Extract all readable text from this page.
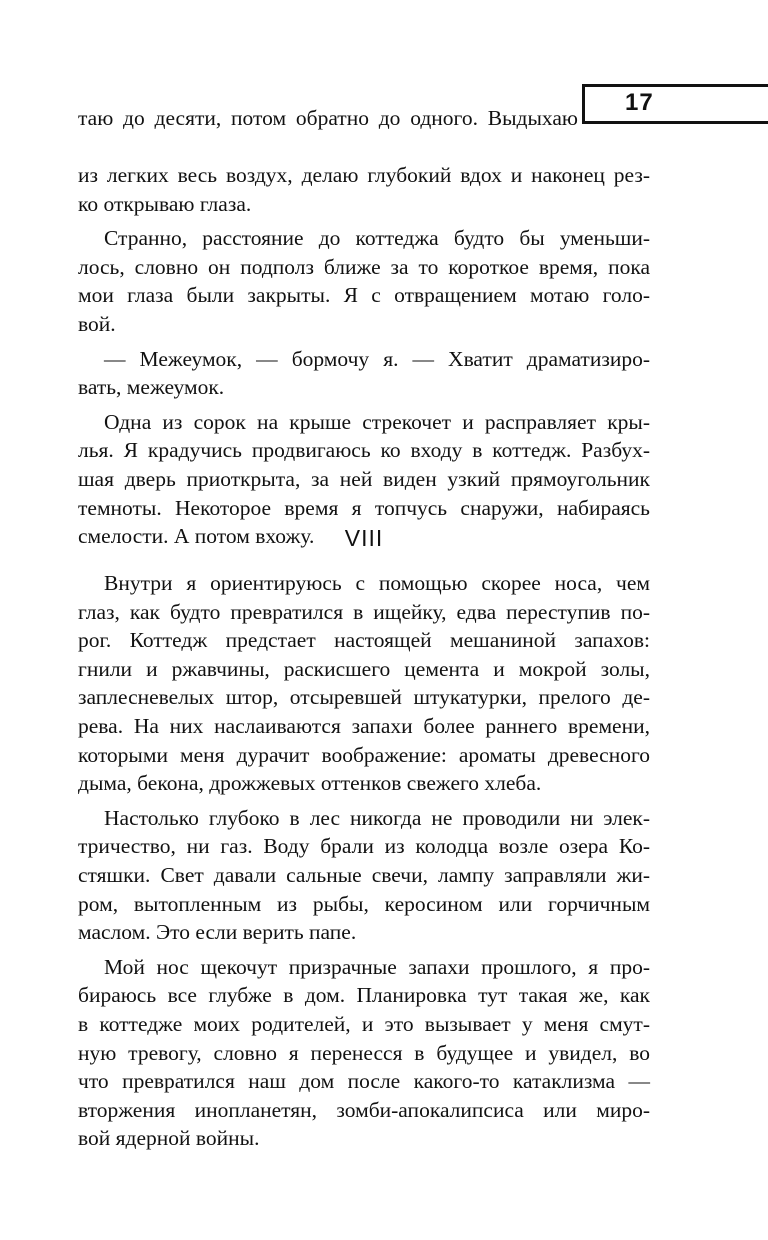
17
таю до десяти, потом обратно до одного. Выдыхаю
из легких весь воздух, делаю глубокий вдох и наконец рез-
ко открываю глаза.
Странно, расстояние до коттеджа будто бы уменьши-
лось, словно он подполз ближе за то короткое время, пока
мои глаза были закрыты. Я с отвращением мотаю голо-
вой.
— Межеумок, — бормочу я. — Хватит драматизиро-
вать, межеумок.
Одна из сорок на крыше стрекочет и расправляет кры-
лья. Я крадучись продвигаюсь ко входу в коттедж. Разбух-
шая дверь приоткрыта, за ней виден узкий прямоугольник
темноты. Некоторое время я топчусь снаружи, набираясь
смелости. А потом вхожу.	VIII
Внутри я ориентируюсь с помощью скорее носа, чем
глаз, как будто превратился в ищейку, едва переступив по-
рог. Коттедж предстает настоящей мешаниной запахов:
гнили и ржавчины, раскисшего цемента и мокрой золы,
заплесневелых штор, отсыревшей штукатурки, прелого де-
рева. На них наслаиваются запахи более раннего времени,
которыми меня дурачит воображение: ароматы древесного
дыма, бекона, дрожжевых оттенков свежего хлеба.
Настолько глубоко в лес никогда не проводили ни элек-
тричество, ни газ. Воду брали из колодца возле озера Ко-
стяшки. Свет давали сальные свечи, лампу заправляли жи-
ром, вытопленным из рыбы, керосином или горчичным
маслом. Это если верить папе.
Мой нос щекочут призрачные запахи прошлого, я про-
бираюсь все глубже в дом. Планировка тут такая же, как
в коттедже моих родителей, и это вызывает у меня смут-
ную тревогу, словно я перенесся в будущее и увидел, во
что превратился наш дом после какого-то катаклизма —
вторжения инопланетян, зомби-апокалипсиса или миро-
вой ядерной войны.
